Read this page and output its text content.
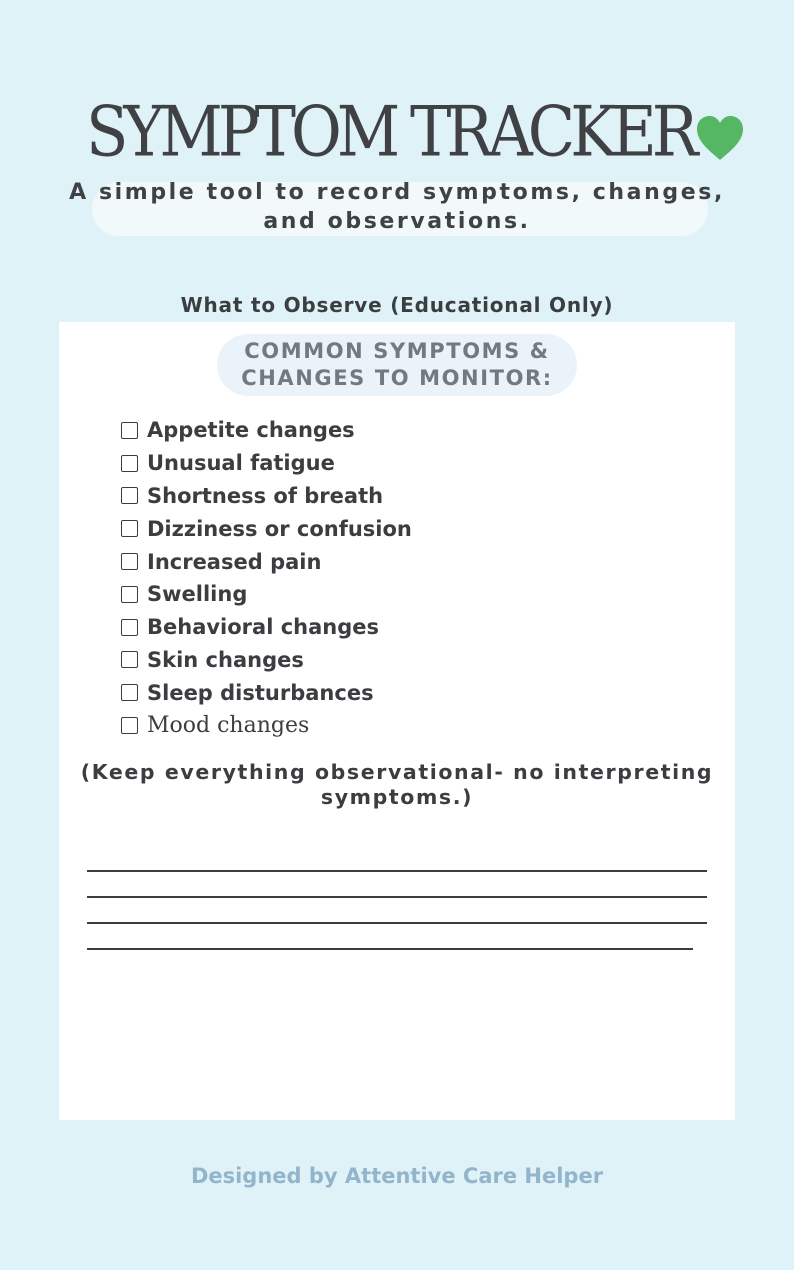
SYMPTOM TRACKER

A simple tool to record symptoms, changes, and observations.

What to Observe (Educational Only)

COMMON SYMPTOMS & CHANGES TO MONITOR:

Appetite changes
Unusual fatigue
Shortness of breath
Dizziness or confusion
Increased pain
Swelling
Behavioral changes
Skin changes
Sleep disturbances
Mood changes

(Keep everything observational- no interpreting symptoms.)

Designed by Attentive Care Helper
